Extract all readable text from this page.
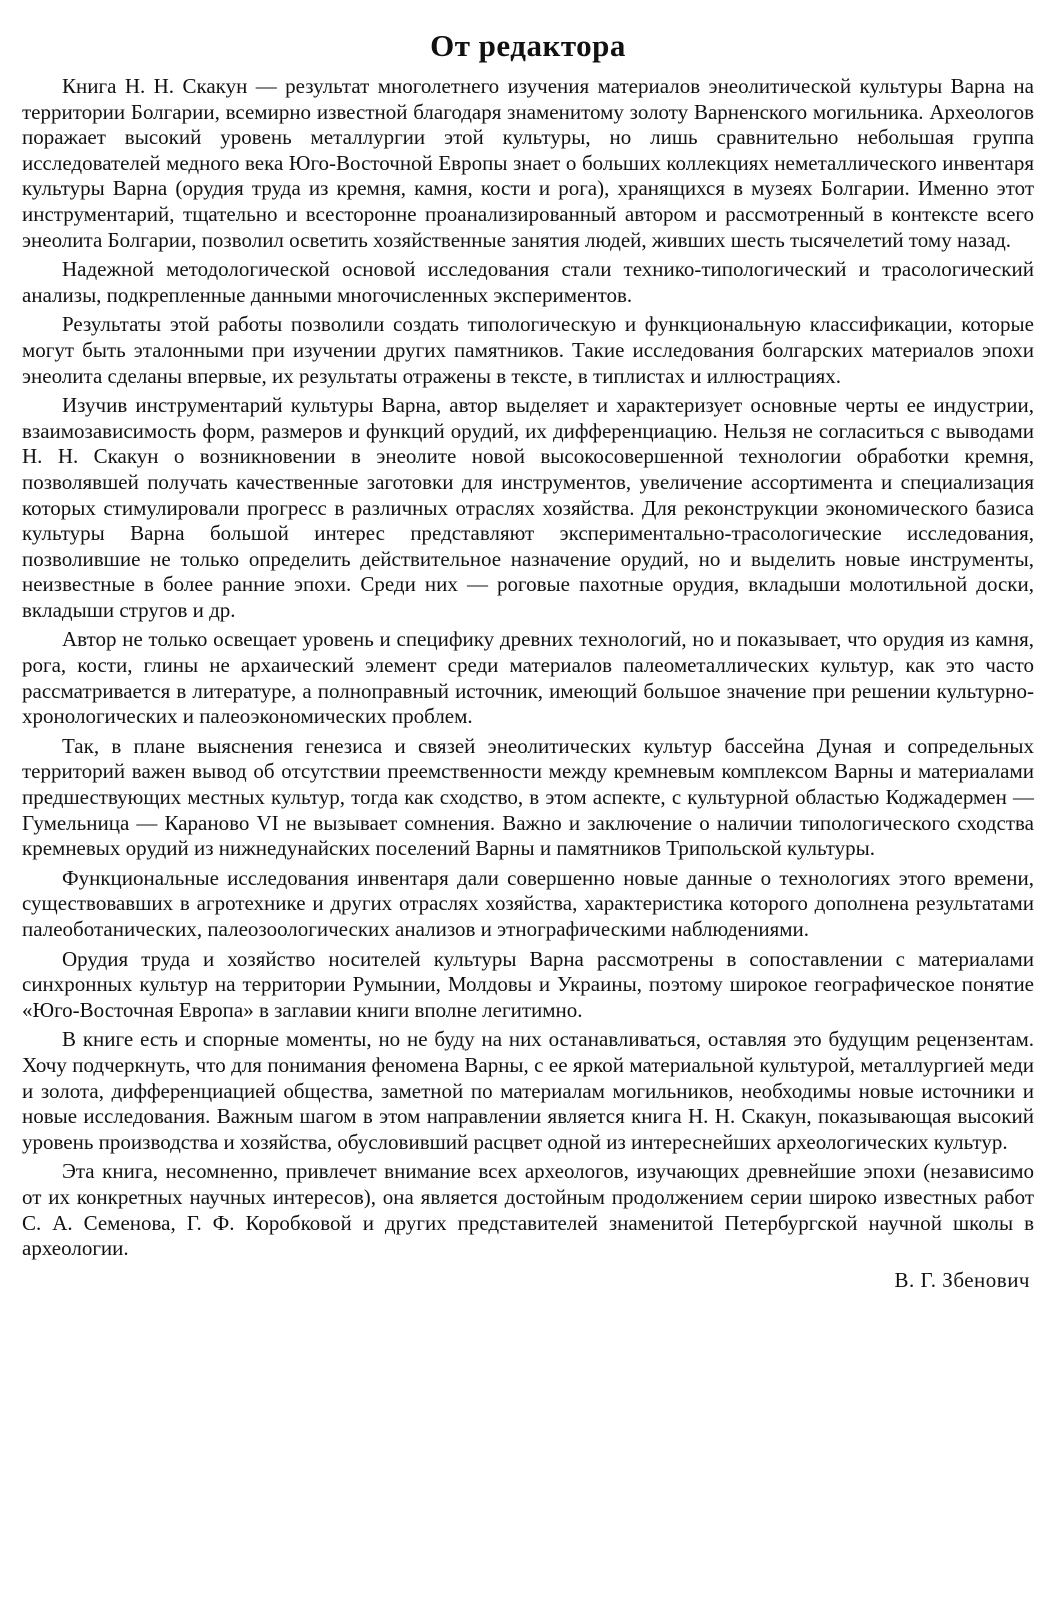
От редактора

Книга Н. Н. Скакун — результат многолетнего изучения материалов энеолитической культуры Варна на территории Болгарии, всемирно известной благодаря знаменитому золоту Варненского могильника. Археологов поражает высокий уровень металлургии этой культуры, но лишь сравнительно небольшая группа исследователей медного века Юго-Восточной Европы знает о больших коллекциях неметаллического инвентаря культуры Варна (орудия труда из кремня, камня, кости и рога), хранящихся в музеях Болгарии. Именно этот инструментарий, тщательно и всесторонне проанализированный автором и рассмотренный в контексте всего энеолита Болгарии, позволил осветить хозяйственные занятия людей, живших шесть тысячелетий тому назад.

Надежной методологической основой исследования стали технико-типологический и трасологический анализы, подкрепленные данными многочисленных экспериментов.

Результаты этой работы позволили создать типологическую и функциональную классификации, которые могут быть эталонными при изучении других памятников. Такие исследования болгарских материалов эпохи энеолита сделаны впервые, их результаты отражены в тексте, в типлистах и иллюстрациях.

Изучив инструментарий культуры Варна, автор выделяет и характеризует основные черты ее индустрии, взаимозависимость форм, размеров и функций орудий, их дифференциацию. Нельзя не согласиться с выводами Н. Н. Скакун о возникновении в энеолите новой высокосовершенной технологии обработки кремня, позволявшей получать качественные заготовки для инструментов, увеличение ассортимента и специализация которых стимулировали прогресс в различных отраслях хозяйства. Для реконструкции экономического базиса культуры Варна большой интерес представляют экспериментально-трасологические исследования, позволившие не только определить действительное назначение орудий, но и выделить новые инструменты, неизвестные в более ранние эпохи. Среди них — роговые пахотные орудия, вкладыши молотильной доски, вкладыши стругов и др.

Автор не только освещает уровень и специфику древних технологий, но и показывает, что орудия из камня, рога, кости, глины не архаический элемент среди материалов палеометаллических культур, как это часто рассматривается в литературе, а полноправный источник, имеющий большое значение при решении культурно-хронологических и палеоэкономических проблем.

Так, в плане выяснения генезиса и связей энеолитических культур бассейна Дуная и сопредельных территорий важен вывод об отсутствии преемственности между кремневым комплексом Варны и материалами предшествующих местных культур, тогда как сходство, в этом аспекте, с культурной областью Коджадермен — Гумельница — Караново VI не вызывает сомнения. Важно и заключение о наличии типологического сходства кремневых орудий из нижнедунайских поселений Варны и памятников Трипольской культуры.

Функциональные исследования инвентаря дали совершенно новые данные о технологиях этого времени, существовавших в агротехнике и других отраслях хозяйства, характеристика которого дополнена результатами палеоботанических, палеозоологических анализов и этнографическими наблюдениями.

Орудия труда и хозяйство носителей культуры Варна рассмотрены в сопоставлении с материалами синхронных культур на территории Румынии, Молдовы и Украины, поэтому широкое географическое понятие «Юго-Восточная Европа» в заглавии книги вполне легитимно.

В книге есть и спорные моменты, но не буду на них останавливаться, оставляя это будущим рецензентам. Хочу подчеркнуть, что для понимания феномена Варны, с ее яркой материальной культурой, металлургией меди и золота, дифференциацией общества, заметной по материалам могильников, необходимы новые источники и новые исследования. Важным шагом в этом направлении является книга Н. Н. Скакун, показывающая высокий уровень производства и хозяйства, обусловивший расцвет одной из интереснейших археологических культур.

Эта книга, несомненно, привлечет внимание всех археологов, изучающих древнейшие эпохи (независимо от их конкретных научных интересов), она является достойным продолжением серии широко известных работ С. А. Семенова, Г. Ф. Коробковой и других представителей знаменитой Петербургской научной школы в археологии.

В. Г. Збенович
